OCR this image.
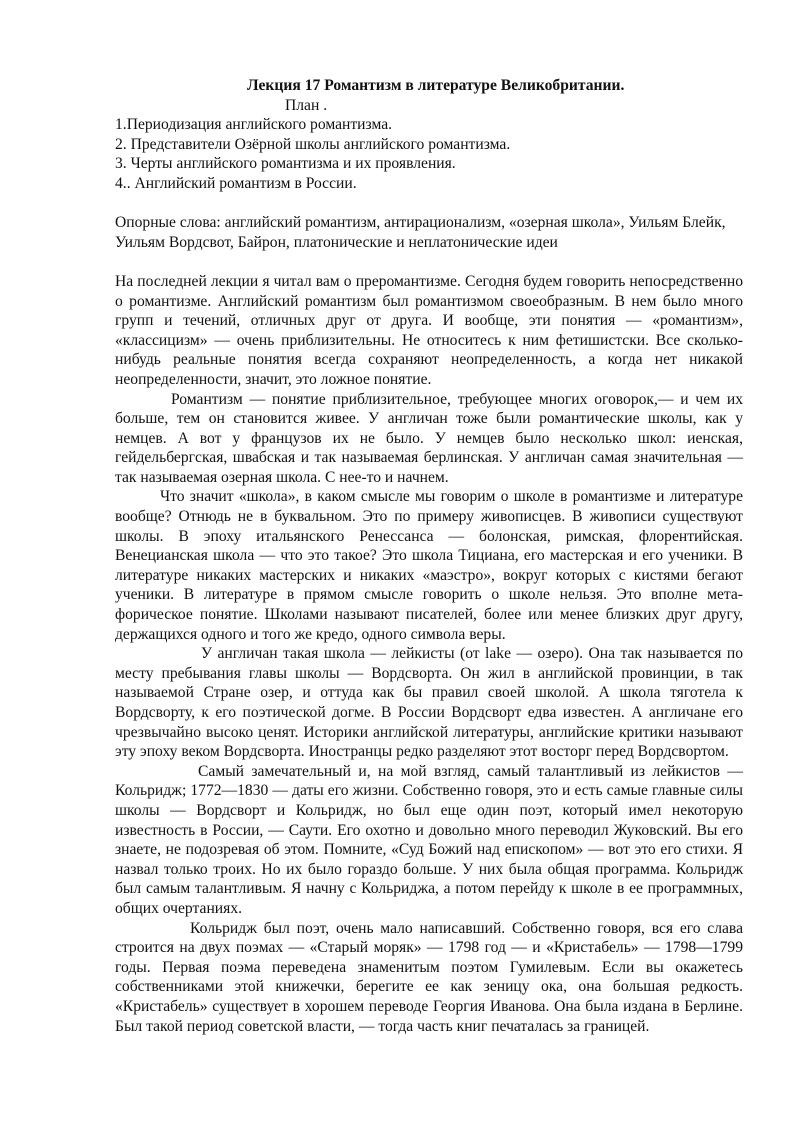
Лекция 17 Романтизм в литературе Великобритании.
План .
1.Периодизация английского романтизма.
2. Представители Озёрной школы английского романтизма.
3. Черты английского романтизма и их проявления.
4.. Английский романтизм в России.

Опорные слова: английский романтизм, антирационализм, «озерная школа», Уильям Блейк, Уильям Вордсвот, Байрон, платонические и неплатонические идеи

На последней лекции я читал вам о преромантизме. Сегодня будем говорить непосредственно о романтизме. Английский романтизм был романтизмом своеобразным. В нем было много групп и течений, отличных друг от друга. И вообще, эти понятия — «романтизм», «классицизм» — очень приблизительны. Не относитесь к ним фетишистски. Все сколько-нибудь реальные понятия всегда сохраняют неопределенность, а когда нет никакой неопределенности, значит, это ложное понятие.

Романтизм — понятие приблизительное, требующее многих оговорок,— и чем их больше, тем он становится живее. У англичан тоже были романтические школы, как у немцев. А вот у французов их не было. У немцев было несколько школ: иенская, гейдельбергская, швабская и так называемая берлинская. У англичан самая значительная — так называемая озерная школа. С нее-то и начнем.

Что значит «школа», в каком смысле мы говорим о школе в романтизме и литературе вообще? Отнюдь не в буквальном. Это по примеру живописцев. В живописи существуют школы. В эпоху итальянского Ренессанса — болонская, римская, флорентийская. Венецианская школа — что это такое? Это школа Тициана, его мастерская и его ученики. В литературе никаких мастерских и никаких «маэстро», вокруг которых с кистями бегают ученики. В литературе в прямом смысле говорить о школе нельзя. Это вполне мета-форическое понятие. Школами называют писателей, более или менее близких друг другу, держащихся одного и того же кредо, одного символа веры.

У англичан такая школа — лейкисты (от lake — озеро). Она так называется по месту пребывания главы школы — Вордсворта. Он жил в английской провинции, в так называемой Стране озер, и оттуда как бы правил своей школой. А школа тяготела к Вордсворту, к его поэтической догме. В России Вордсворт едва известен. А англичане его чрезвычайно высоко ценят. Историки английской литературы, английские критики называют эту эпоху веком Вордсворта. Иностранцы редко разделяют этот восторг перед Вордсвортом.

Самый замечательный и, на мой взгляд, самый талантливый из лейкистов — Кольридж; 1772—1830 — даты его жизни. Собственно говоря, это и есть самые главные силы школы — Вордсворт и Кольридж, но был еще один поэт, который имел некоторую известность в России, — Саути. Его охотно и довольно много переводил Жуковский. Вы его знаете, не подозревая об этом. Помните, «Суд Божий над епископом» — вот это его стихи. Я назвал только троих. Но их было гораздо больше. У них была общая программа. Кольридж был самым талантливым. Я начну с Кольриджа, а потом перейду к школе в ее программных, общих очертаниях.

Кольридж был поэт, очень мало написавший. Собственно говоря, вся его слава строится на двух поэмах — «Старый моряк» — 1798 год — и «Кристабель» — 1798—1799 годы. Первая поэма переведена знаменитым поэтом Гумилевым. Если вы окажетесь собственниками этой книжечки, берегите ее как зеницу ока, она большая редкость. «Кристабель» существует в хорошем переводе Георгия Иванова. Она была издана в Берлине. Был такой период советской власти, — тогда часть книг печаталась за границей.
